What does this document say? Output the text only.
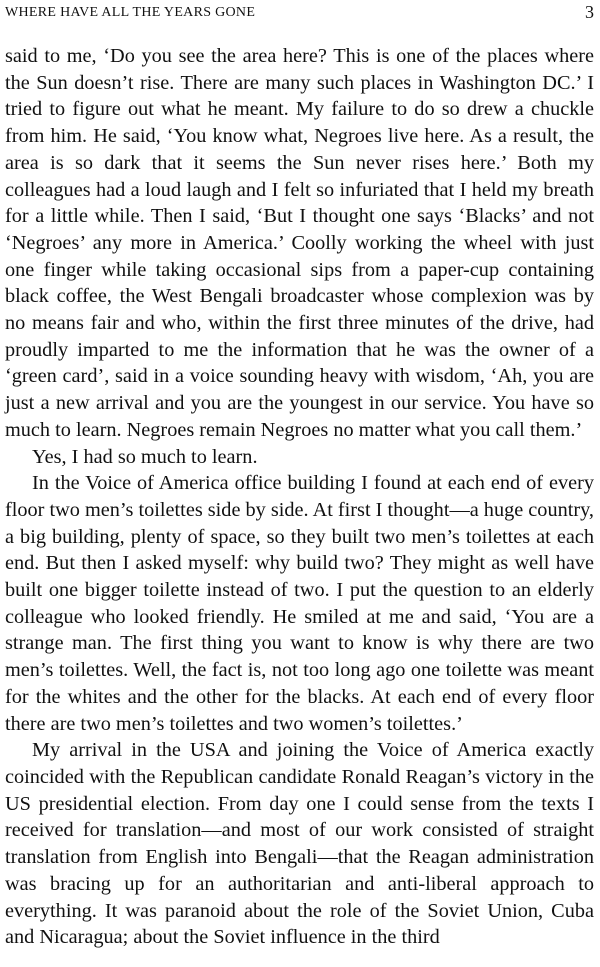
WHERE HAVE ALL THE YEARS GONE	3

said to me, ‘Do you see the area here? This is one of the places where the Sun doesn’t rise. There are many such places in Washington DC.’ I tried to figure out what he meant. My failure to do so drew a chuckle from him. He said, ‘You know what, Negroes live here. As a result, the area is so dark that it seems the Sun never rises here.’ Both my colleagues had a loud laugh and I felt so infuriated that I held my breath for a little while. Then I said, ‘But I thought one says ‘Blacks’ and not ‘Negroes’ any more in America.’ Coolly working the wheel with just one finger while taking occasional sips from a paper-cup containing black coffee, the West Bengali broadcaster whose complexion was by no means fair and who, within the first three minutes of the drive, had proudly imparted to me the information that he was the owner of a ‘green card’, said in a voice sounding heavy with wisdom, ‘Ah, you are just a new arrival and you are the youngest in our service. You have so much to learn. Negroes remain Negroes no matter what you call them.’

Yes, I had so much to learn.

In the Voice of America office building I found at each end of every floor two men’s toilettes side by side. At first I thought—a huge country, a big building, plenty of space, so they built two men’s toilettes at each end. But then I asked myself: why build two? They might as well have built one bigger toilette instead of two. I put the question to an elderly colleague who looked friendly. He smiled at me and said, ‘You are a strange man. The first thing you want to know is why there are two men’s toilettes. Well, the fact is, not too long ago one toilette was meant for the whites and the other for the blacks. At each end of every floor there are two men’s toilettes and two women’s toilettes.’

My arrival in the USA and joining the Voice of America exactly coincided with the Republican candidate Ronald Reagan’s victory in the US presidential election. From day one I could sense from the texts I received for translation—and most of our work consisted of straight translation from English into Bengali—that the Reagan administration was bracing up for an authoritarian and anti-liberal approach to everything. It was paranoid about the role of the Soviet Union, Cuba and Nicaragua; about the Soviet influence in the third
